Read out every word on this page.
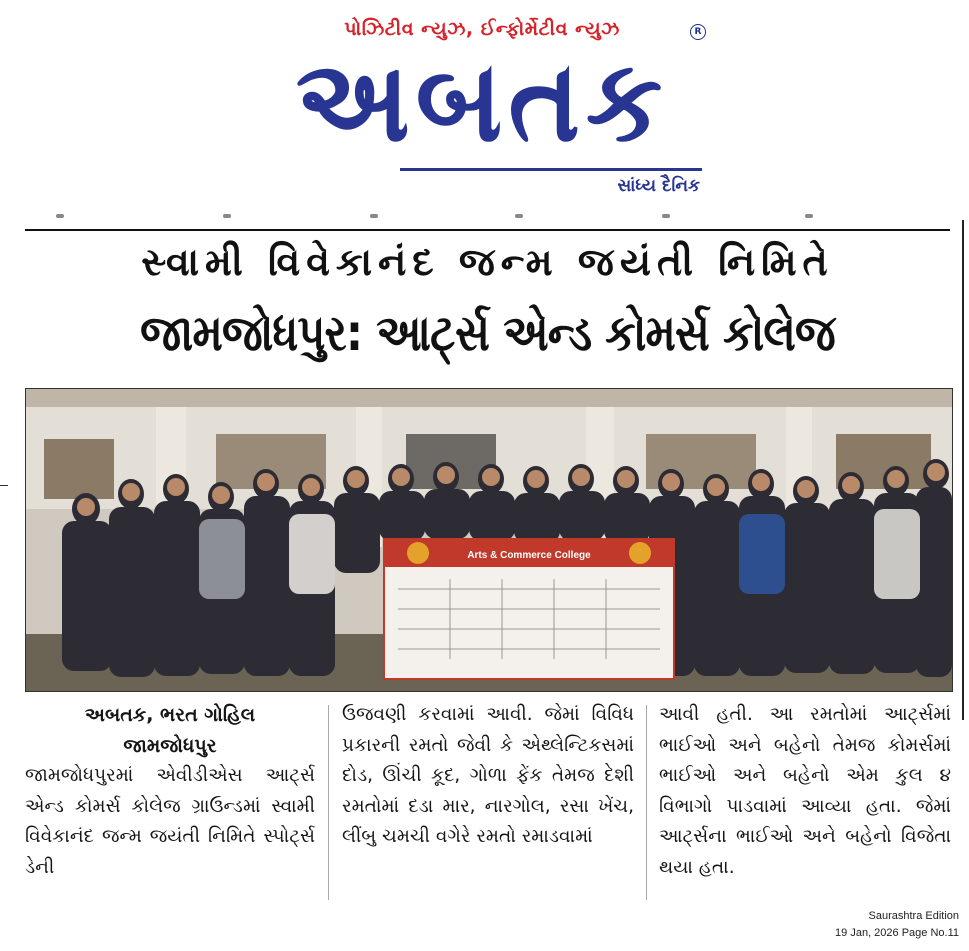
પોઝિટીવ ન્યુઝ, ઈન્ફોર્મેટીવ ન્યુઝ	R
અબતક
સાંધ્ય દૈનિક
સ્વામી વિવેકાનંદ જન્મ જયંતી નિમિતે
જામજોધપુર: આર્ટ્સ એન્ડ કોમર્સ કોલેજ
Arts & Commerce College
અબતક, ભરત ગોહિલ
જામજોધપુર
જામજોધપુરમાં એવીડીએસ આર્ટ્સ એન્ડ કોમર્સ કોલેજ ગ્રાઉન્ડમાં સ્વામી વિવેકાનંદ જન્મ જયંતી નિમિતે સ્પોર્ટ્સ ડેની
ઉજવણી કરવામાં આવી. જેમાં વિવિધ પ્રકારની રમતો જેવી કે એથ્લેન્ટિકસમાં દોડ, ઊંચી કૂદ, ગોળા ફેંક તેમજ દેશી રમતોમાં દડા માર, નારગોલ, રસા ખેંચ, લીંબુ ચમચી વગેરે રમતો રમાડવામાં
આવી હતી. આ રમતોમાં આર્ટ્સમાં ભાઈઓ અને બહેનો તેમજ કોમર્સમાં ભાઈઓ અને બહેનો એમ કુલ ૪ વિભાગો પાડવામાં આવ્યા હતા. જેમાં આર્ટ્સના ભાઈઓ અને બહેનો વિજેતા થયા હતા.
Saurashtra Edition
19 Jan, 2026 Page No.11
